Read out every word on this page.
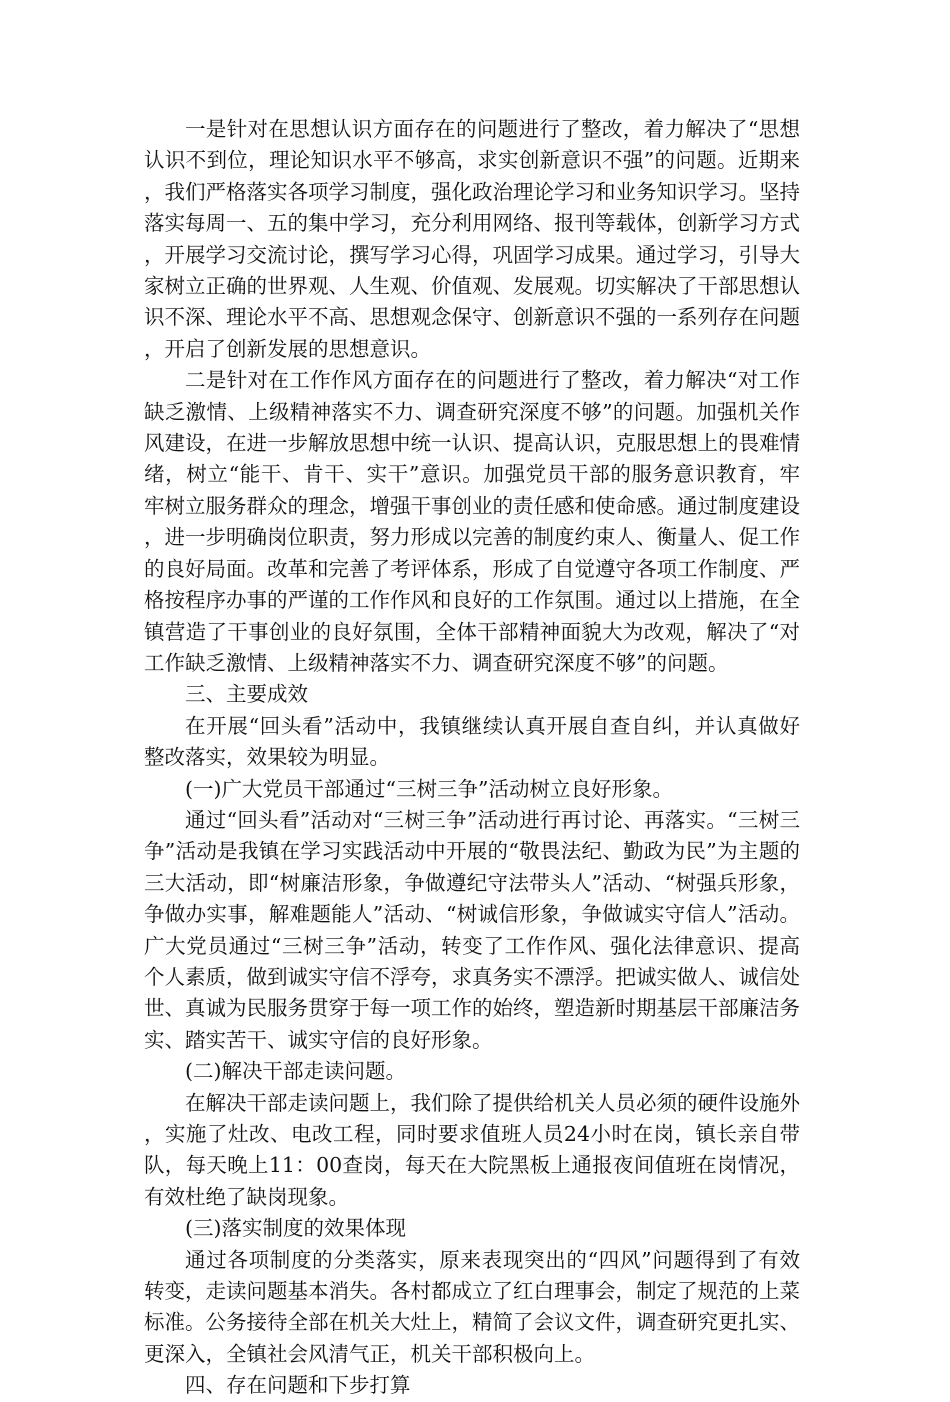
一是针对在思想认识方面存在的问题进行了整改，着力解决了“思想认识不到位，理论知识水平不够高，求实创新意识不强”的问题。近期来，我们严格落实各项学习制度，强化政治理论学习和业务知识学习。坚持落实每周一、五的集中学习，充分利用网络、报刊等载体，创新学习方式，开展学习交流讨论，撰写学习心得，巩固学习成果。通过学习，引导大家树立正确的世界观、人生观、价值观、发展观。切实解决了干部思想认识不深、理论水平不高、思想观念保守、创新意识不强的一系列存在问题，开启了创新发展的思想意识。

二是针对在工作作风方面存在的问题进行了整改，着力解决“对工作缺乏激情、上级精神落实不力、调查研究深度不够”的问题。加强机关作风建设，在进一步解放思想中统一认识、提高认识，克服思想上的畏难情绪，树立“能干、肯干、实干”意识。加强党员干部的服务意识教育，牢牢树立服务群众的理念，增强干事创业的责任感和使命感。通过制度建设，进一步明确岗位职责，努力形成以完善的制度约束人、衡量人、促工作的良好局面。改革和完善了考评体系，形成了自觉遵守各项工作制度、严格按程序办事的严谨的工作作风和良好的工作氛围。通过以上措施，在全镇营造了干事创业的良好氛围，全体干部精神面貌大为改观，解决了“对工作缺乏激情、上级精神落实不力、调查研究深度不够”的问题。

三、主要成效

在开展“回头看”活动中，我镇继续认真开展自查自纠，并认真做好整改落实，效果较为明显。

(一)广大党员干部通过“三树三争”活动树立良好形象。

通过“回头看”活动对“三树三争”活动进行再讨论、再落实。“三树三争”活动是我镇在学习实践活动中开展的“敬畏法纪、勤政为民”为主题的三大活动，即“树廉洁形象，争做遵纪守法带头人”活动、“树强兵形象，争做办实事，解难题能人”活动、“树诚信形象，争做诚实守信人”活动。广大党员通过“三树三争”活动，转变了工作作风、强化法律意识、提高个人素质，做到诚实守信不浮夸，求真务实不漂浮。把诚实做人、诚信处世、真诚为民服务贯穿于每一项工作的始终，塑造新时期基层干部廉洁务实、踏实苦干、诚实守信的良好形象。

(二)解决干部走读问题。

在解决干部走读问题上，我们除了提供给机关人员必须的硬件设施外，实施了灶改、电改工程，同时要求值班人员24小时在岗，镇长亲自带队，每天晚上11：00查岗，每天在大院黑板上通报夜间值班在岗情况，有效杜绝了缺岗现象。

(三)落实制度的效果体现

通过各项制度的分类落实，原来表现突出的“四风”问题得到了有效转变，走读问题基本消失。各村都成立了红白理事会，制定了规范的上菜标准。公务接待全部在机关大灶上，精简了会议文件，调查研究更扎实、更深入，全镇社会风清气正，机关干部积极向上。

四、存在问题和下步打算
